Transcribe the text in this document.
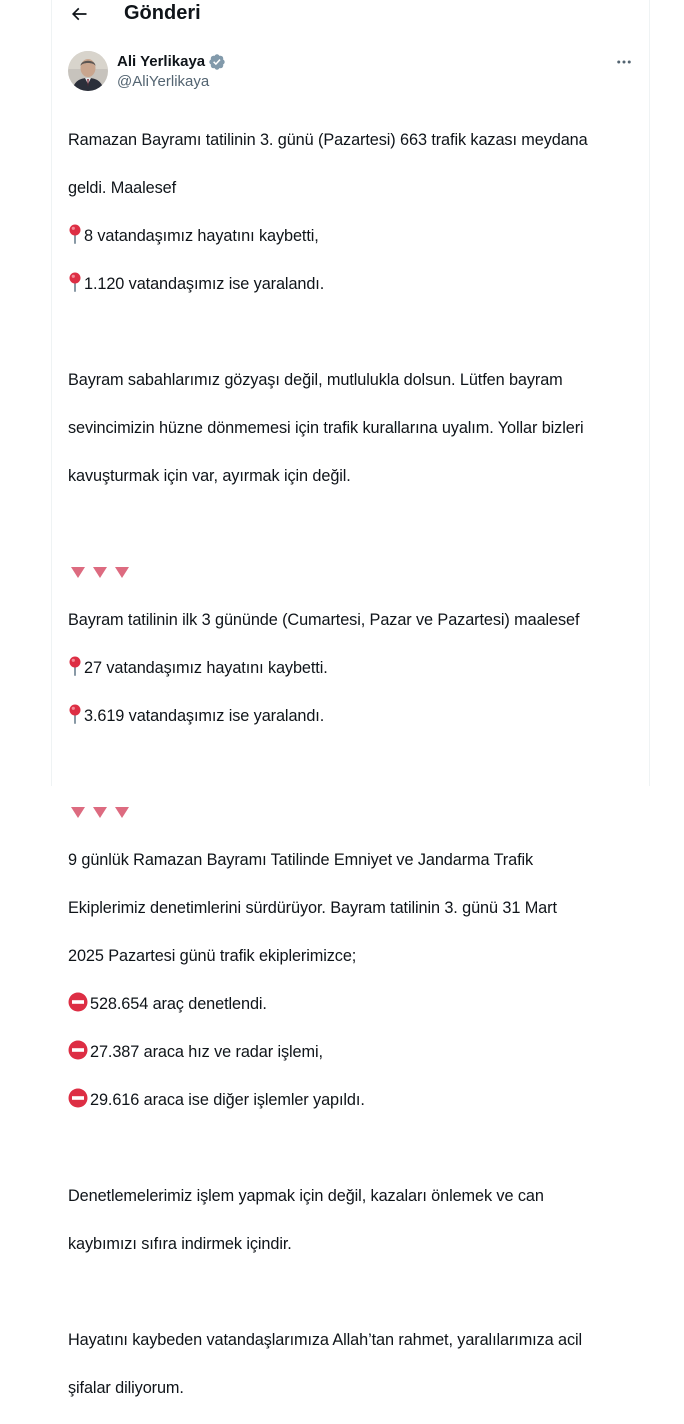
Gönderi
Ali Yerlikaya
@AliYerlikaya

Ramazan Bayramı tatilinin 3. günü (Pazartesi) 663 trafik kazası meydana

geldi. Maalesef

8 vatandaşımız hayatını kaybetti,

1.120 vatandaşımız ise yaralandı.

Bayram sabahlarımız gözyaşı değil, mutlulukla dolsun. Lütfen bayram

sevincimizin hüzne dönmemesi için trafik kurallarına uyalım. Yollar bizleri

kavuşturmak için var, ayırmak için değil.

Bayram tatilinin ilk 3 gününde (Cumartesi, Pazar ve Pazartesi) maalesef

27 vatandaşımız hayatını kaybetti.

3.619 vatandaşımız ise yaralandı.

9 günlük Ramazan Bayramı Tatilinde Emniyet ve Jandarma Trafik

Ekiplerimiz denetimlerini sürdürüyor. Bayram tatilinin 3. günü 31 Mart

2025 Pazartesi günü trafik ekiplerimizce;

528.654 araç denetlendi.

27.387 araca hız ve radar işlemi,

29.616 araca ise diğer işlemler yapıldı.

Denetlemelerimiz işlem yapmak için değil, kazaları önlemek ve can

kaybımızı sıfıra indirmek içindir.

Hayatını kaybeden vatandaşlarımıza Allah’tan rahmet, yaralılarımıza acil

şifalar diliyorum.
